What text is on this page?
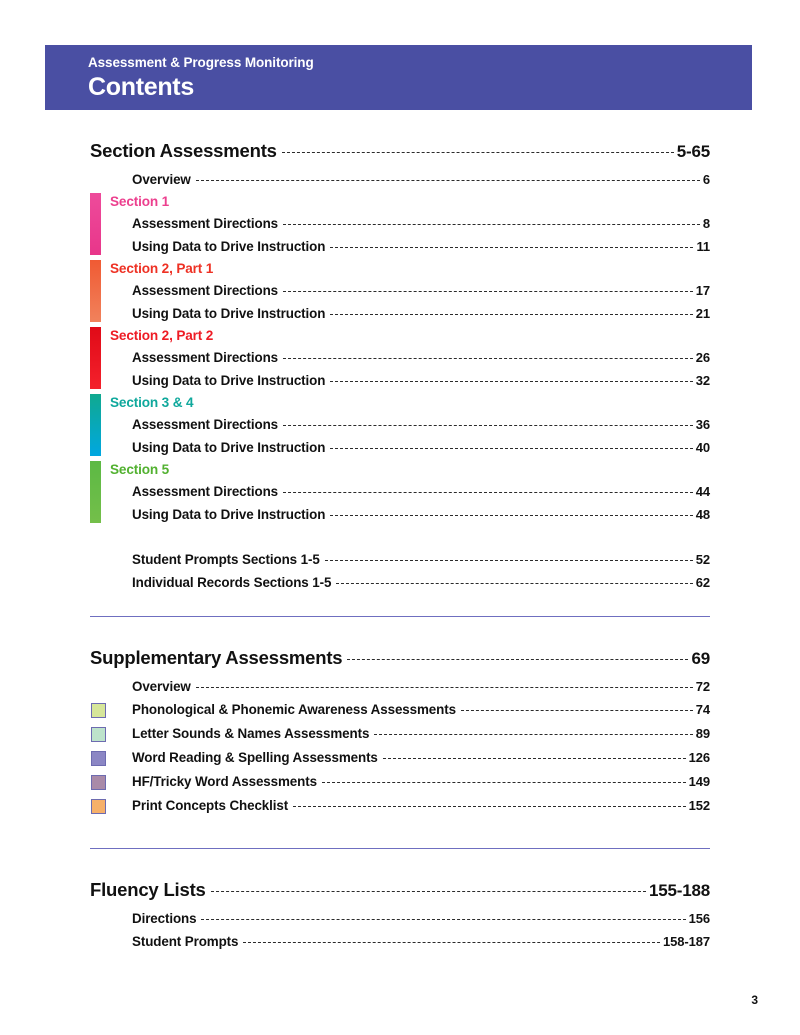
Assessment & Progress Monitoring
Contents
Section Assessments	5-65
Overview	6
Section 1
Assessment Directions	8
Using Data to Drive Instruction	11
Section 2, Part 1
Assessment Directions	17
Using Data to Drive Instruction	21
Section 2, Part 2
Assessment Directions	26
Using Data to Drive Instruction	32
Section 3 & 4
Assessment Directions	36
Using Data to Drive Instruction	40
Section 5
Assessment Directions	44
Using Data to Drive Instruction	48
Student Prompts Sections 1-5	52
Individual Records Sections 1-5	62
Supplementary Assessments	69
Overview	72
Phonological & Phonemic Awareness Assessments	74
Letter Sounds & Names Assessments	89
Word Reading & Spelling Assessments	126
HF/Tricky Word Assessments	149
Print Concepts Checklist	152
Fluency Lists	155-188
Directions	156
Student Prompts	158-187
3
